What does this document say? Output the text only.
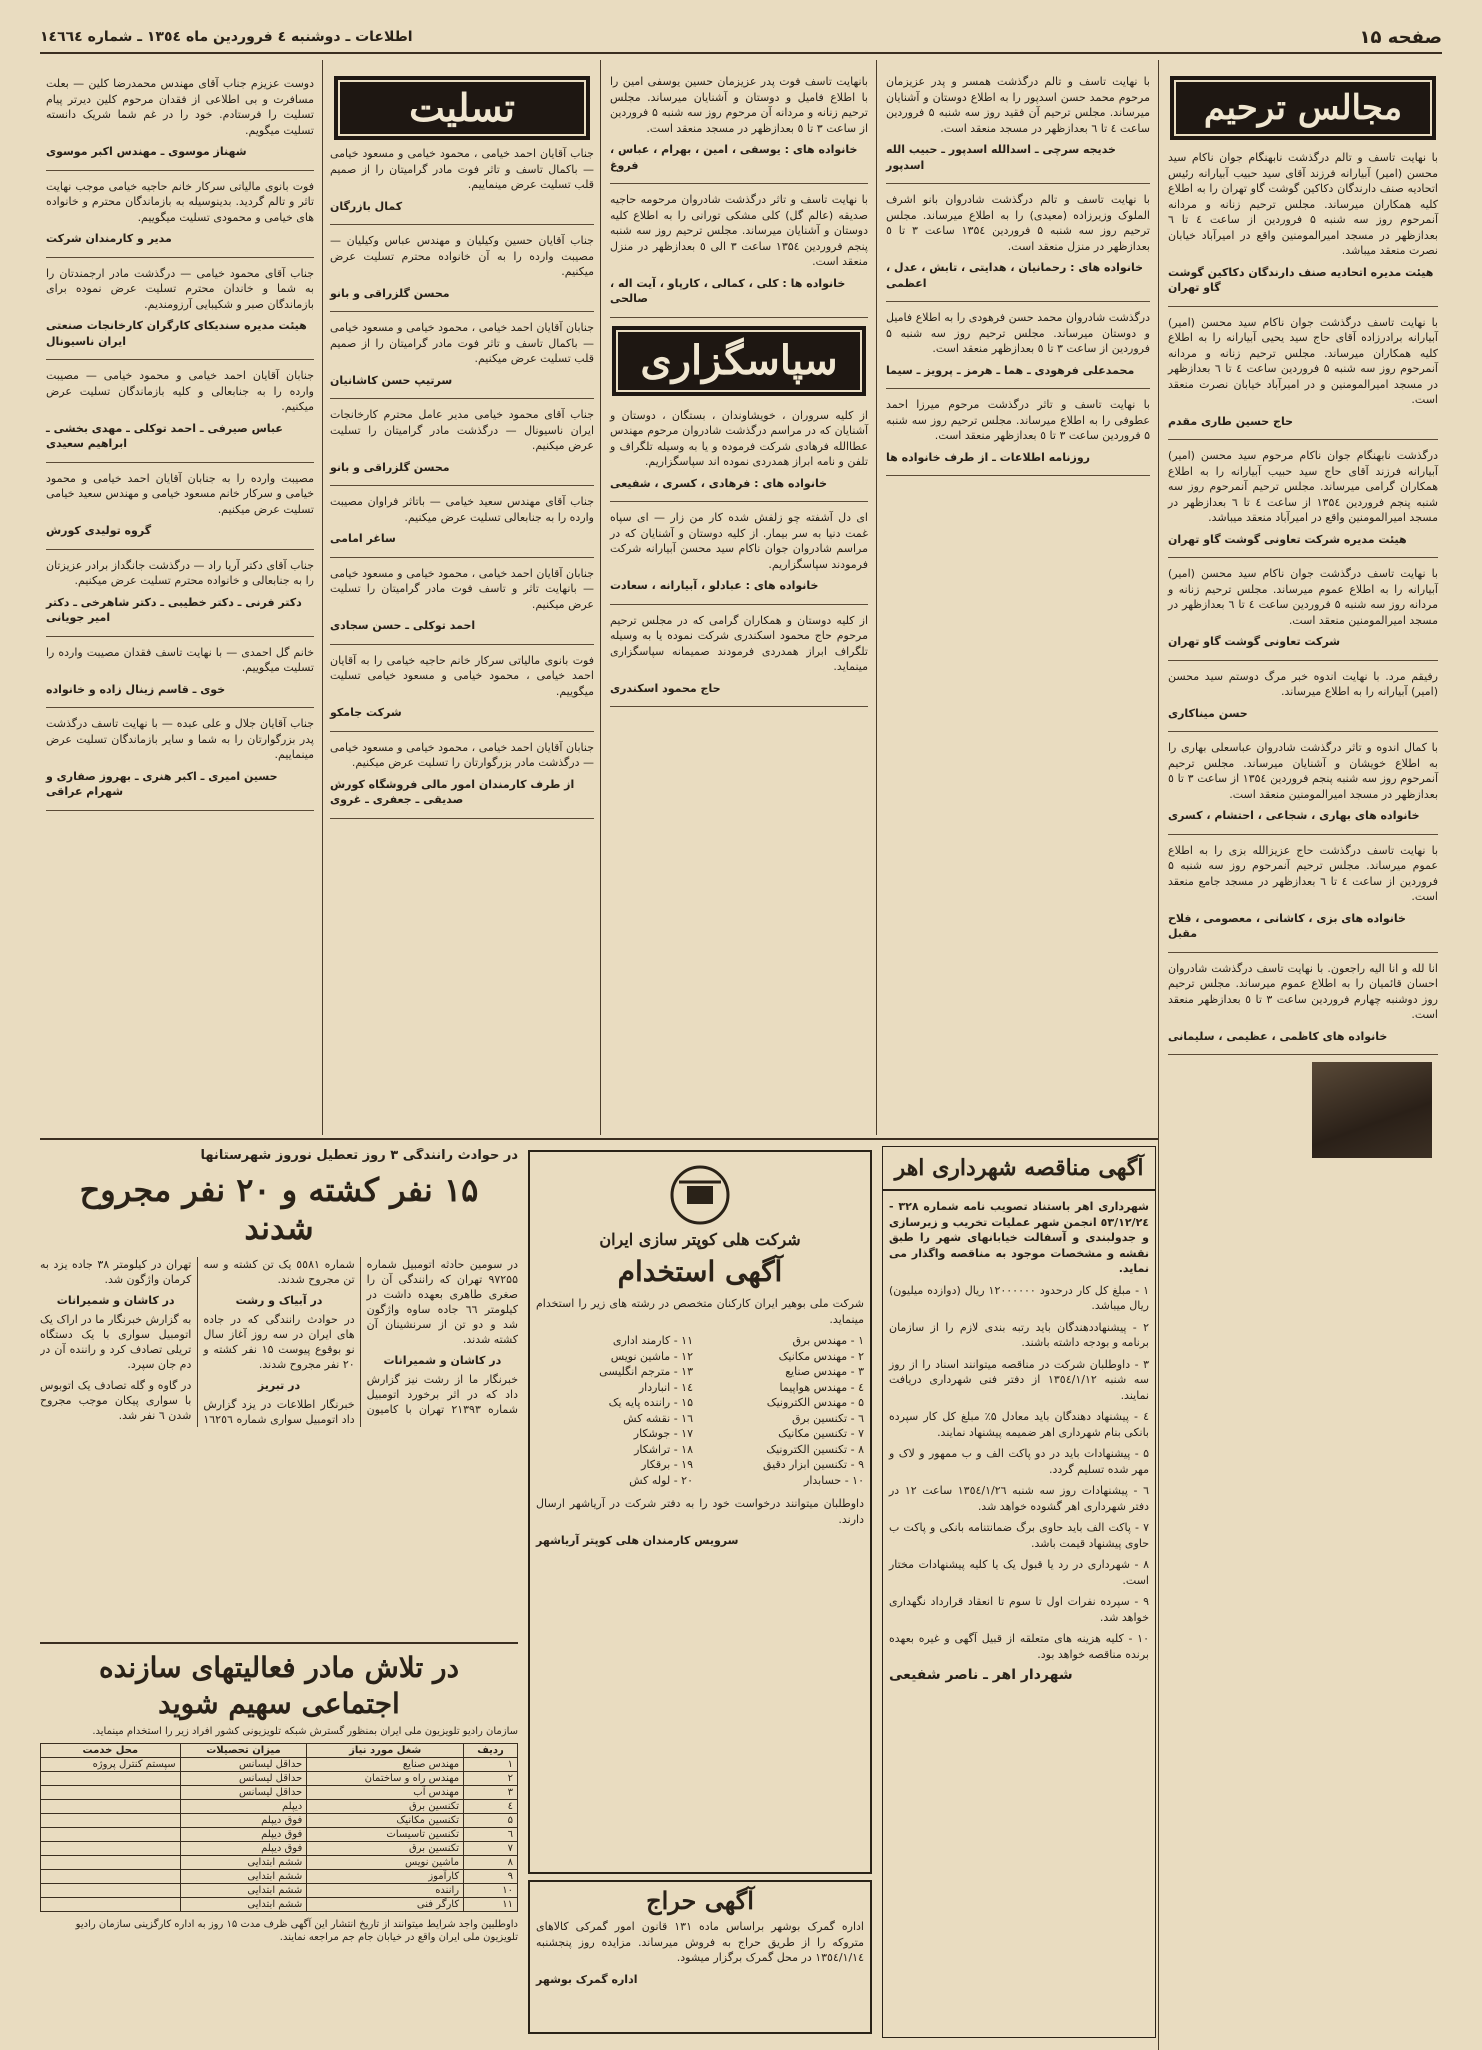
صفحه ۱۵
اطلاعات ـ دوشنبه ٤ فروردین ماه ١٣٥٤ ـ شماره ١٤٦٦٤
مجالس ترحیم

با نهایت تاسف و تالم درگذشت نابهنگام جوان ناکام سید محسن (امیر) آبیارانه فرزند آقای سید حبیب آبیارانه رئیس اتحادیه صنف دارندگان دکاکین گوشت گاو تهران را به اطلاع کلیه همکاران میرساند. مجلس ترحیم زنانه و مردانه آنمرحوم روز سه شنبه ۵ فروردین از ساعت ٤ تا ٦ بعدازظهر در مسجد امیرالمومنین واقع در امیرآباد خیابان نصرت منعقد میباشد.

هیئت مدیره اتحادیه صنف دارندگان دکاکین گوشت گاو تهران

با نهایت تاسف درگذشت جوان ناکام سید محسن (امیر) آبیارانه برادرزاده آقای حاج سید یحیی آبیارانه را به اطلاع کلیه همکاران میرساند. مجلس ترحیم زنانه و مردانه آنمرحوم روز سه شنبه ۵ فروردین ساعت ٤ تا ٦ بعدازظهر در مسجد امیرالمومنین و در امیرآباد خیابان نصرت منعقد است.

حاج حسین طاری مقدم

درگذشت نابهنگام جوان ناکام مرحوم سید محسن (امیر) آبیارانه فرزند آقای حاج سید حبیب آبیارانه را به اطلاع همکاران گرامی میرساند. مجلس ترحیم آنمرحوم روز سه شنبه پنجم فروردین ۱۳۵٤ از ساعت ٤ تا ٦ بعدازظهر در مسجد امیرالمومنین واقع در امیرآباد منعقد میباشد.

هیئت مدیره شرکت تعاونی گوشت گاو تهران

با نهایت تاسف درگذشت جوان ناکام سید محسن (امیر) آبیارانه را به اطلاع عموم میرساند. مجلس ترحیم زنانه و مردانه روز سه شنبه ۵ فروردین ساعت ٤ تا ٦ بعدازظهر در مسجد امیرالمومنین منعقد است.

شرکت تعاونی گوشت گاو تهران

رفیقم مرد. با نهایت اندوه خبر مرگ دوستم سید محسن (امیر) آبیارانه را به اطلاع میرساند.

حسن میناکاری

با کمال اندوه و تاثر درگذشت شادروان عباسعلی بهاری را به اطلاع خویشان و آشنایان میرساند. مجلس ترحیم آنمرحوم روز سه شنبه پنجم فروردین ۱۳۵٤ از ساعت ٣ تا ٥ بعدازظهر در مسجد امیرالمومنین منعقد است.

خانواده های بهاری ، شجاعی ، احتشام ، کسری

با نهایت تاسف درگذشت حاج عزیزالله بزی را به اطلاع عموم میرساند. مجلس ترحیم آنمرحوم روز سه شنبه ۵ فروردین از ساعت ٤ تا ٦ بعدازظهر در مسجد جامع منعقد است.

خانواده های بزی ، کاشانی ، معصومی ، فلاح مقبل

انا لله و انا الیه راجعون. با نهایت تاسف درگذشت شادروان احسان قائمیان را به اطلاع عموم میرساند. مجلس ترحیم روز دوشنبه چهارم فروردین ساعت ٣ تا ٥ بعدازظهر منعقد است.

خانواده های کاظمی ، عظیمی ، سلیمانی

با نهایت تاسف و تالم درگذشت همسر و پدر عزیزمان مرحوم محمد حسن اسدپور را به اطلاع دوستان و آشنایان میرساند. مجلس ترحیم آن فقید روز سه شنبه ۵ فروردین ساعت ٤ تا ٦ بعدازظهر در مسجد منعقد است.

خدیجه سرچی ـ اسدالله اسدپور ـ حبیب الله اسدپور

با نهایت تاسف و تالم درگذشت شادروان بانو اشرف الملوک وزیرزاده (معیدی) را به اطلاع میرساند. مجلس ترحیم روز سه شنبه ۵ فروردین ۱۳۵٤ ساعت ٣ تا ٥ بعدازظهر در منزل منعقد است.

خانواده های : رحمانیان ، هدایتی ، تابش ، عدل ، اعظمی

درگذشت شادروان محمد حسن فرهودی را به اطلاع فامیل و دوستان میرساند. مجلس ترحیم روز سه شنبه ۵ فروردین از ساعت ٣ تا ٥ بعدازظهر منعقد است.

محمدعلی فرهودی ـ هما ـ هرمز ـ پرویز ـ سیما

با نهایت تاسف و تاثر درگذشت مرحوم میرزا احمد عطوفی را به اطلاع میرساند. مجلس ترحیم روز سه شنبه ۵ فروردین ساعت ٣ تا ٥ بعدازظهر منعقد است.

روزنامه اطلاعات ـ از طرف خانواده ها

بانهایت تاسف فوت پدر عزیزمان حسین یوسفی امین را با اطلاع فامیل و دوستان و آشنایان میرساند. مجلس ترحیم زنانه و مردانه آن مرحوم روز سه شنبه ۵ فروردین از ساعت ٣ تا ٥ بعدازظهر در مسجد منعقد است.

خانواده های : یوسفی ، امین ، بهرام ، عباس ، فروغ

با نهایت تاسف و تاثر درگذشت شادروان مرحومه حاجیه صدیقه (عالم گل) کلی مشکی تورانی را به اطلاع کلیه دوستان و آشنایان میرساند. مجلس ترحیم روز سه شنبه پنجم فروردین ۱۳۵٤ ساعت ٣ الی ٥ بعدازظهر در منزل منعقد است.

خانواده ها : کلی ، کمالی ، کارپاو ، آیت اله ، صالحی

سپاسگزاری

از کلیه سروران ، خویشاوندان ، بستگان ، دوستان و آشنایان که در مراسم درگذشت شادروان مرحوم مهندس عطاالله فرهادی شرکت فرموده و یا به وسیله تلگراف و تلفن و نامه ابراز همدردی نموده اند سپاسگزاریم.

خانواده های : فرهادی ، کسری ، شفیعی

ای دل آشفته چو زلفش شده کار من زار — ای سپاه غمت دنیا به سر بیمار. از کلیه دوستان و آشنایان که در مراسم شادروان جوان ناکام سید محسن آبیارانه شرکت فرمودند سپاسگزاریم.

خانواده های : عبادلو ، آبیارانه ، سعادت

از کلیه دوستان و همکاران گرامی که در مجلس ترحیم مرحوم حاج محمود اسکندری شرکت نموده یا به وسیله تلگراف ابراز همدردی فرمودند صمیمانه سپاسگزاری مینماید.

حاج محمود اسکندری

تسلیت

جناب آقایان احمد خیامی ، محمود خیامی و مسعود خیامی — باکمال تاسف و تاثر فوت مادر گرامیتان را از صمیم قلب تسلیت عرض مینماییم.

کمال بازرگان

جناب آقایان حسین وکیلیان و مهندس عباس وکیلیان — مصیبت وارده را به آن خانواده محترم تسلیت عرض میکنیم.

محسن گلزراقی و بانو

جنابان آقایان احمد خیامی ، محمود خیامی و مسعود خیامی — باکمال تاسف و تاثر فوت مادر گرامیتان را از صمیم قلب تسلیت عرض میکنیم.

سرتیپ حسن کاشانیان

جناب آقای محمود خیامی مدیر عامل محترم کارخانجات ایران ناسیونال — درگذشت مادر گرامیتان را تسلیت عرض میکنیم.

محسن گلزراقی و بانو

جناب آقای مهندس سعید خیامی — باتاثر فراوان مصیبت وارده را به جنابعالی تسلیت عرض میکنیم.

ساغر امامی

جنابان آقایان احمد خیامی ، محمود خیامی و مسعود خیامی — بانهایت تاثر و تاسف فوت مادر گرامیتان را تسلیت عرض میکنیم.

احمد توکلی ـ حسن سجادی

فوت بانوی مالیاتی سرکار خانم حاجیه خیامی را به آقایان احمد خیامی ، محمود خیامی و مسعود خیامی تسلیت میگوییم.

شرکت جامکو

جنابان آقایان احمد خیامی ، محمود خیامی و مسعود خیامی — درگذشت مادر بزرگوارتان را تسلیت عرض میکنیم.

از طرف کارمندان امور مالی فروشگاه کورش صدیقی ـ جعفری ـ غروی

دوست عزیزم جناب آقای مهندس محمدرضا کلین — بعلت مسافرت و بی اطلاعی از فقدان مرحوم کلین دیرتر پیام تسلیت را فرستادم. خود را در غم شما شریک دانسته تسلیت میگویم.

شهناز موسوی ـ مهندس اکبر موسوی

فوت بانوی مالیاتی سرکار خانم حاجیه خیامی موجب نهایت تاثر و تالم گردید. بدینوسیله به بازماندگان محترم و خانواده های خیامی و محمودی تسلیت میگوییم.

مدیر و کارمندان شرکت

جناب آقای محمود خیامی — درگذشت مادر ارجمندتان را به شما و خاندان محترم تسلیت عرض نموده برای بازماندگان صبر و شکیبایی آرزومندیم.

هیئت مدیره سندیکای کارگران کارخانجات صنعتی ایران ناسیونال

جنابان آقایان احمد خیامی و محمود خیامی — مصیبت وارده را به جنابعالی و کلیه بازماندگان تسلیت عرض میکنیم.

عباس صیرفی ـ احمد توکلی ـ مهدی بخشی ـ ابراهیم سعیدی

مصیبت وارده را به جنابان آقایان احمد خیامی و محمود خیامی و سرکار خانم مسعود خیامی و مهندس سعید خیامی تسلیت عرض میکنیم.

گروه تولیدی کورش

جناب آقای دکتر آریا راد — درگذشت جانگداز برادر عزیزتان را به جنابعالی و خانواده محترم تسلیت عرض میکنیم.

دکتر فرنی ـ دکتر خطیبی ـ دکتر شاهرخی ـ دکتر امیر جویانی

خانم گل احمدی — با نهایت تاسف فقدان مصیبت وارده را تسلیت میگوییم.

خوی ـ قاسم زینال زاده و خانواده

جناب آقایان جلال و علی عبده — با نهایت تاسف درگذشت پدر بزرگوارتان را به شما و سایر بازماندگان تسلیت عرض مینماییم.

حسین امیری ـ اکبر هنری ـ بهروز صفاری و شهرام عراقی

آگهی مناقصه شهرداری اهر

شهرداری اهر باستناد تصویب نامه شماره ٣٢٨ - ٥٣/١٢/٢٤ انجمن شهر عملیات تخریب و زیرسازی و جدولبندی و آسفالت خیابانهای شهر را طبق نقشه و مشخصات موجود به مناقصه واگذار می نماید.

١ - مبلغ کل کار درحدود ١٢٠٠٠٠٠٠ ریال (دوازده میلیون) ریال میباشد.

٢ - پیشنهاددهندگان باید رتبه بندی لازم را از سازمان برنامه و بودجه داشته باشند.

٣ - داوطلبان شرکت در مناقصه میتوانند اسناد را از روز سه شنبه ١٣٥٤/١/١٢ از دفتر فنی شهرداری دریافت نمایند.

٤ - پیشنهاد دهندگان باید معادل ۵٪ مبلغ کل کار سپرده بانکی بنام شهرداری اهر ضمیمه پیشنهاد نمایند.

۵ - پیشنهادات باید در دو پاکت الف و ب ممهور و لاک و مهر شده تسلیم گردد.

٦ - پیشنهادات روز سه شنبه ١٣٥٤/١/٢٦ ساعت ١٢ در دفتر شهرداری اهر گشوده خواهد شد.

٧ - پاکت الف باید حاوی برگ ضمانتنامه بانکی و پاکت ب حاوی پیشنهاد قیمت باشد.

٨ - شهرداری در رد یا قبول یک یا کلیه پیشنهادات مختار است.

٩ - سپرده نفرات اول تا سوم تا انعقاد قرارداد نگهداری خواهد شد.

١٠ - کلیه هزینه های متعلقه از قبیل آگهی و غیره بعهده برنده مناقصه خواهد بود.

شهردار اهر ـ ناصر شفیعی

شرکت هلی کوپتر سازی ایران
آگهی استخدام

شرکت ملی بوهیر ایران کارکنان متخصص در رشته های زیر را استخدام مینماید.

١ - مهندس برق
٢ - مهندس مکانیک
٣ - مهندس صنایع
٤ - مهندس هواپیما
۵ - مهندس الکترونیک
٦ - تکنسین برق
٧ - تکنسین مکانیک
٨ - تکنسین الکترونیک
٩ - تکنسین ابزار دقیق
١٠ - حسابدار
١١ - کارمند اداری
١٢ - ماشین نویس
١٣ - مترجم انگلیسی
١٤ - انباردار
١۵ - راننده پایه یک
١٦ - نقشه کش
١٧ - جوشکار
١٨ - تراشکار
١٩ - برقکار
٢٠ - لوله کش

داوطلبان میتوانند درخواست خود را به دفتر شرکت در آریاشهر ارسال دارند.

سرویس کارمندان هلی کوپتر آریاشهر

آگهی حراج

اداره گمرک بوشهر براساس ماده ١٣١ قانون امور گمرکی کالاهای متروکه را از طریق حراج به فروش میرساند. مزایده روز پنجشنبه ١٣٥٤/١/١٤ در محل گمرک برگزار میشود.

اداره گمرک بوشهر

در حوادث رانندگی ٣ روز تعطیل نوروز شهرستانها
١۵ نفر کشته و ٢٠ نفر مجروح شدند

در سومین حادثه اتومبیل شماره ۹۷۲۵۵ تهران که رانندگی آن را صغری طاهری بعهده داشت در کیلومتر ٦٦ جاده ساوه واژگون شد و دو تن از سرنشینان آن کشته شدند.

در کاشان و شمیرانات

خبرنگار ما از رشت نیز گزارش داد که در اثر برخورد اتومبیل شماره ٢١٣۹٣ تهران با کامیون شماره ٥٥٨١ یک تن کشته و سه تن مجروح شدند.

در آبیاک و رشت

در حوادث رانندگی که در جاده های ایران در سه روز آغاز سال نو بوقوع پیوست ١۵ نفر کشته و ٢٠ نفر مجروح شدند.

در تبریز

خبرنگار اطلاعات در یزد گزارش داد اتومبیل سواری شماره ١٦٢٥٦ تهران در کیلومتر ٣٨ جاده یزد به کرمان واژگون شد.

در کاشان و شمیرانات

به گزارش خبرنگار ما در اراک یک اتومبیل سواری با یک دستگاه تریلی تصادف کرد و راننده آن در دم جان سپرد.

در گاوه و گله تصادف یک اتوبوس با سواری پیکان موجب مجروح شدن ٦ نفر شد.

در تلاش مادر فعالیتهای سازنده
اجتماعی سهیم شوید
سازمان رادیو تلویزیون ملی ایران بمنظور گسترش شبکه تلویزیونی کشور افراد زیر را استخدام مینماید.
ردیف	شغل مورد نیاز	میزان تحصیلات	محل خدمت
١	مهندس صنایع	حداقل لیسانس	سپستم کنترل پروژه
٢	مهندس راه و ساختمان	حداقل لیسانس	
٣	مهندس آب	حداقل لیسانس	
٤	تکنسین برق	دیپلم	
۵	تکنسین مکانیک	فوق دیپلم	
٦	تکنسین تاسیسات	فوق دیپلم	
٧	تکنسین برق	فوق دیپلم	
٨	ماشین نویس	ششم ابتدایی	
٩	کارآموز	ششم ابتدایی	
١٠	راننده	ششم ابتدایی	
١١	کارگر فنی	ششم ابتدایی	
داوطلبین واجد شرایط میتوانند از تاریخ انتشار این آگهی ظرف مدت ١۵ روز به اداره کارگزینی سازمان رادیو تلویزیون ملی ایران واقع در خیابان جام جم مراجعه نمایند.
